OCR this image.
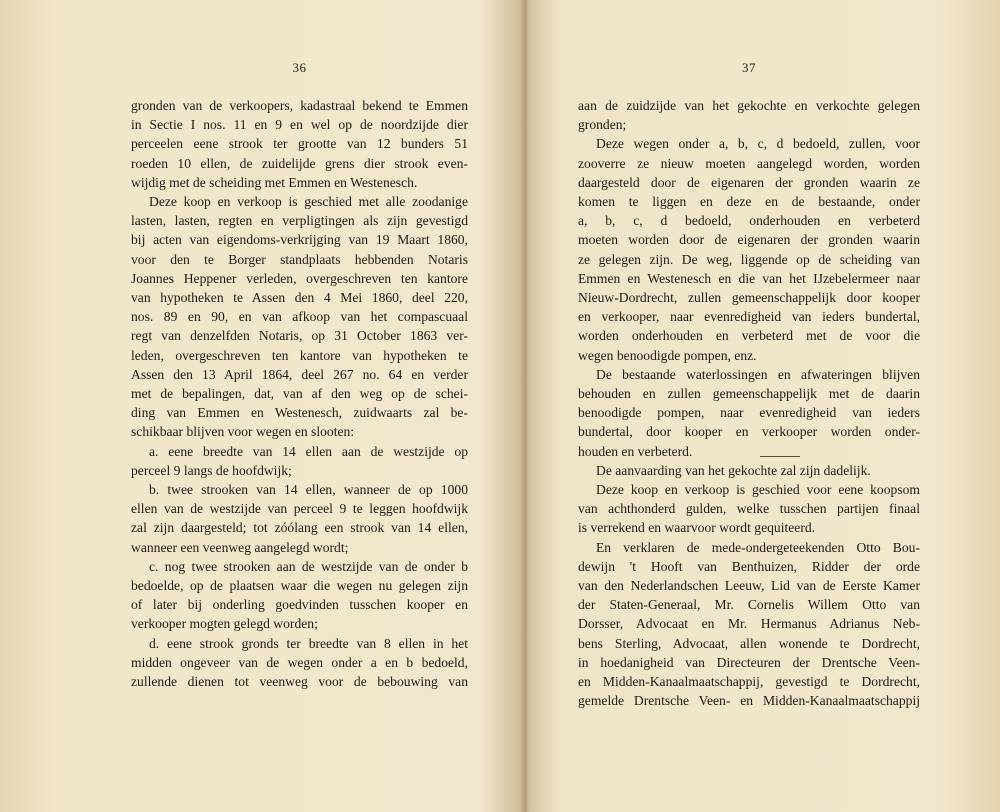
36
gronden van de verkoopers, kadastraal bekend te Emmen
in Sectie I nos. 11 en 9 en wel op de noordzijde dier
perceelen eene strook ter grootte van 12 bunders 51
roeden 10 ellen, de zuidelijde grens dier strook even-
wijdig met de scheiding met Emmen en Westenesch.
Deze koop en verkoop is geschied met alle zoodanige
lasten, lasten, regten en verpligtingen als zijn gevestigd
bij acten van eigendoms-verkrijging van 19 Maart 1860,
voor den te Borger standplaats hebbenden Notaris
Joannes Heppener verleden, overgeschreven ten kantore
van hypotheken te Assen den 4 Mei 1860, deel 220,
nos. 89 en 90, en van afkoop van het compascuaal
regt van denzelfden Notaris, op 31 October 1863 ver-
leden, overgeschreven ten kantore van hypotheken te
Assen den 13 April 1864, deel 267 no. 64 en verder
met de bepalingen, dat, van af den weg op de schei-
ding van Emmen en Westenesch, zuidwaarts zal be-
schikbaar blijven voor wegen en slooten:
a. eene breedte van 14 ellen aan de westzijde op
perceel 9 langs de hoofdwijk;
b. twee strooken van 14 ellen, wanneer de op 1000
ellen van de westzijde van perceel 9 te leggen hoofdwijk
zal zijn daargesteld; tot zóólang een strook van 14 ellen,
wanneer een veenweg aangelegd wordt;
c. nog twee strooken aan de westzijde van de onder b
bedoelde, op de plaatsen waar die wegen nu gelegen zijn
of later bij onderling goedvinden tusschen kooper en
verkooper mogten gelegd worden;
d. eene strook gronds ter breedte van 8 ellen in het
midden ongeveer van de wegen onder a en b bedoeld,
zullende dienen tot veenweg voor de bebouwing van
37
aan de zuidzijde van het gekochte en verkochte gelegen
gronden;
Deze wegen onder a, b, c, d bedoeld, zullen, voor
zooverre ze nieuw moeten aangelegd worden, worden
daargesteld door de eigenaren der gronden waarin ze
komen te liggen en deze en de bestaande, onder
a, b, c, d bedoeld, onderhouden en verbeterd
moeten worden door de eigenaren der gronden waarin
ze gelegen zijn. De weg, liggende op de scheiding van
Emmen en Westenesch en die van het IJzebelermeer naar
Nieuw-Dordrecht, zullen gemeenschappelijk door kooper
en verkooper, naar evenredigheid van ieders bundertal,
worden onderhouden en verbeterd met de voor die
wegen benoodigde pompen, enz.
De bestaande waterlossingen en afwateringen blijven
behouden en zullen gemeenschappelijk met de daarin
benoodigde pompen, naar evenredigheid van ieders
bundertal, door kooper en verkooper worden onder-
houden en verbeterd.
De aanvaarding van het gekochte zal zijn dadelijk.
Deze koop en verkoop is geschied voor eene koopsom
van achthonderd gulden, welke tusschen partijen finaal
is verrekend en waarvoor wordt gequiteerd.
En verklaren de mede-ondergeteekenden Otto Bou-
dewijn 't Hooft van Benthuizen, Ridder der orde
van den Nederlandschen Leeuw, Lid van de Eerste Kamer
der Staten-Generaal, Mr. Cornelis Willem Otto van
Dorsser, Advocaat en Mr. Hermanus Adrianus Neb-
bens Sterling, Advocaat, allen wonende te Dordrecht,
in hoedanigheid van Directeuren der Drentsche Veen-
en Midden-Kanaalmaatschappij, gevestigd te Dordrecht,
gemelde Drentsche Veen- en Midden-Kanaalmaatschappij
